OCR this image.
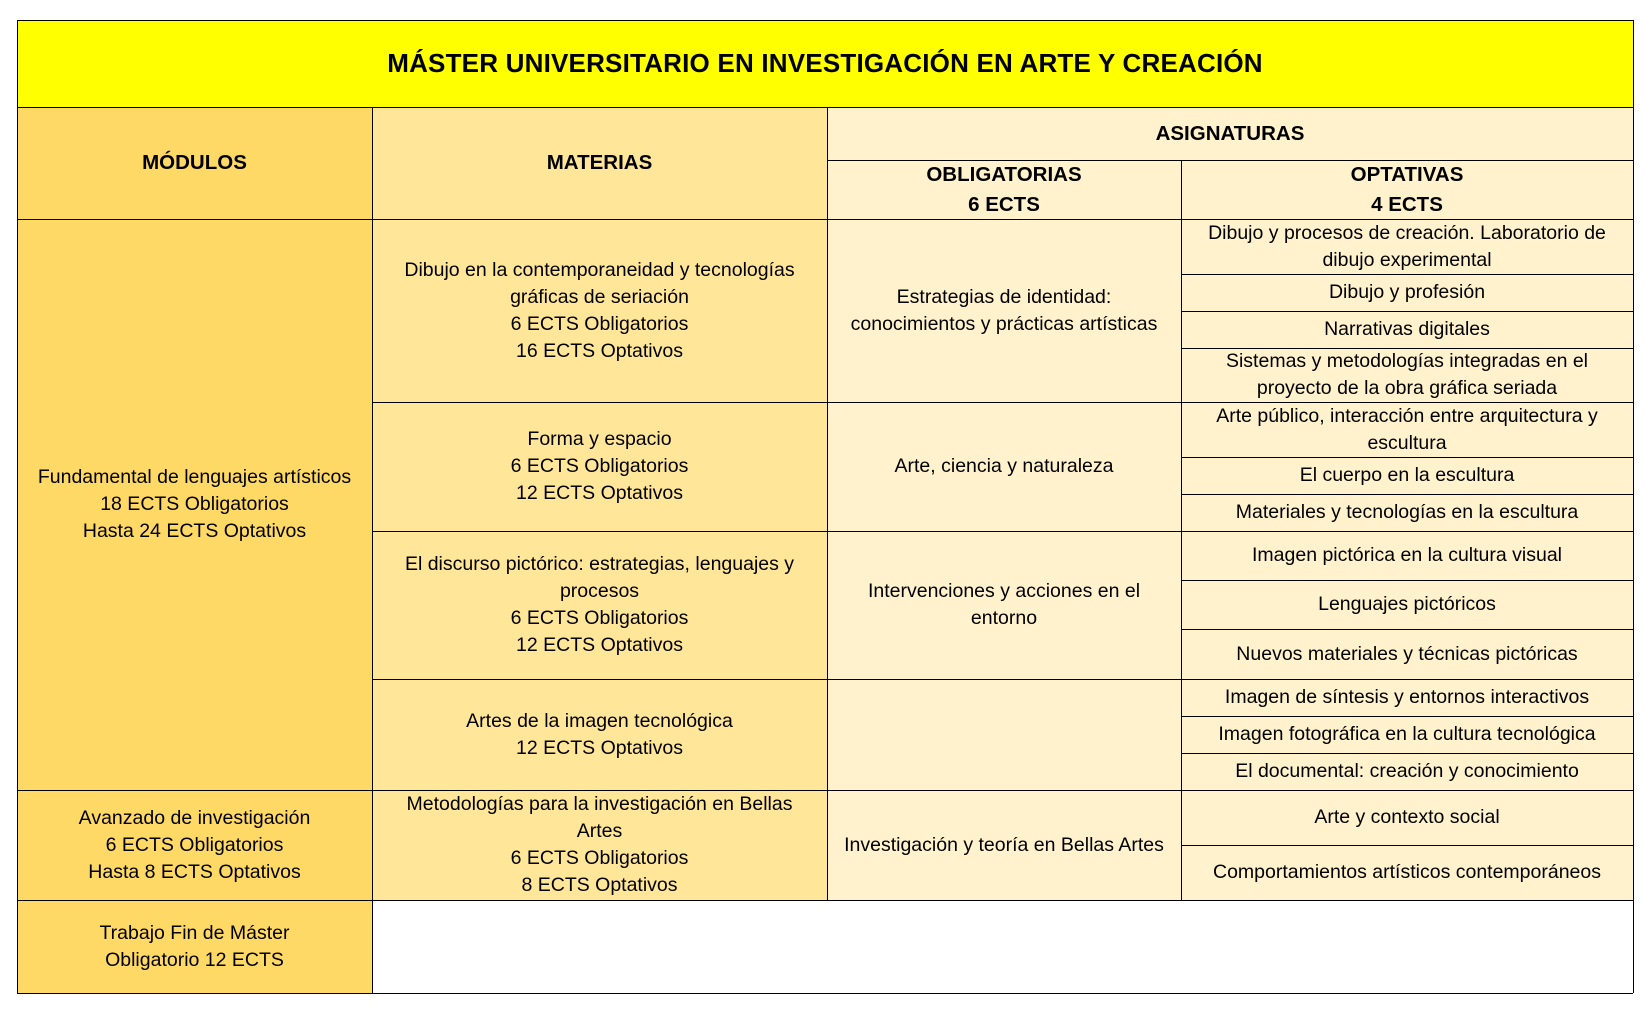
MÁSTER UNIVERSITARIO EN INVESTIGACIÓN EN ARTE Y CREACIÓN
MÓDULOS	MATERIAS
ASIGNATURAS
OBLIGATORIAS
6 ECTS
OPTATIVAS
4 ECTS
Fundamental de lenguajes artísticos
18 ECTS Obligatorios
Hasta 24 ECTS Optativos
Avanzado de investigación
6 ECTS Obligatorios
Hasta 8 ECTS Optativos
Trabajo Fin de Máster
Obligatorio 12 ECTS
Dibujo en la contemporaneidad y tecnologías
gráficas de seriación
6 ECTS Obligatorios
16 ECTS Optativos
Forma y espacio
6 ECTS Obligatorios
12 ECTS Optativos
El discurso pictórico: estrategias, lenguajes y
procesos
6 ECTS Obligatorios
12 ECTS Optativos
Artes de la imagen tecnológica
12 ECTS Optativos
Metodologías para la investigación en Bellas
Artes
6 ECTS Obligatorios
8 ECTS Optativos
Estrategias de identidad:
conocimientos y prácticas artísticas
Arte, ciencia y naturaleza
Intervenciones y acciones en el
entorno
Investigación y teoría en Bellas Artes
Dibujo y procesos de creación. Laboratorio de
dibujo experimental
Dibujo y profesión
Narrativas digitales
Sistemas y metodologías integradas en el
proyecto de la obra gráfica seriada
Arte público, interacción entre arquitectura y
escultura
El cuerpo en la escultura
Materiales y tecnologías en la escultura
Imagen pictórica en la cultura visual
Lenguajes pictóricos
Nuevos materiales y técnicas pictóricas
Imagen de síntesis y entornos interactivos
Imagen fotográfica en la cultura tecnológica
El documental: creación y conocimiento
Arte y contexto social
Comportamientos artísticos contemporáneos
